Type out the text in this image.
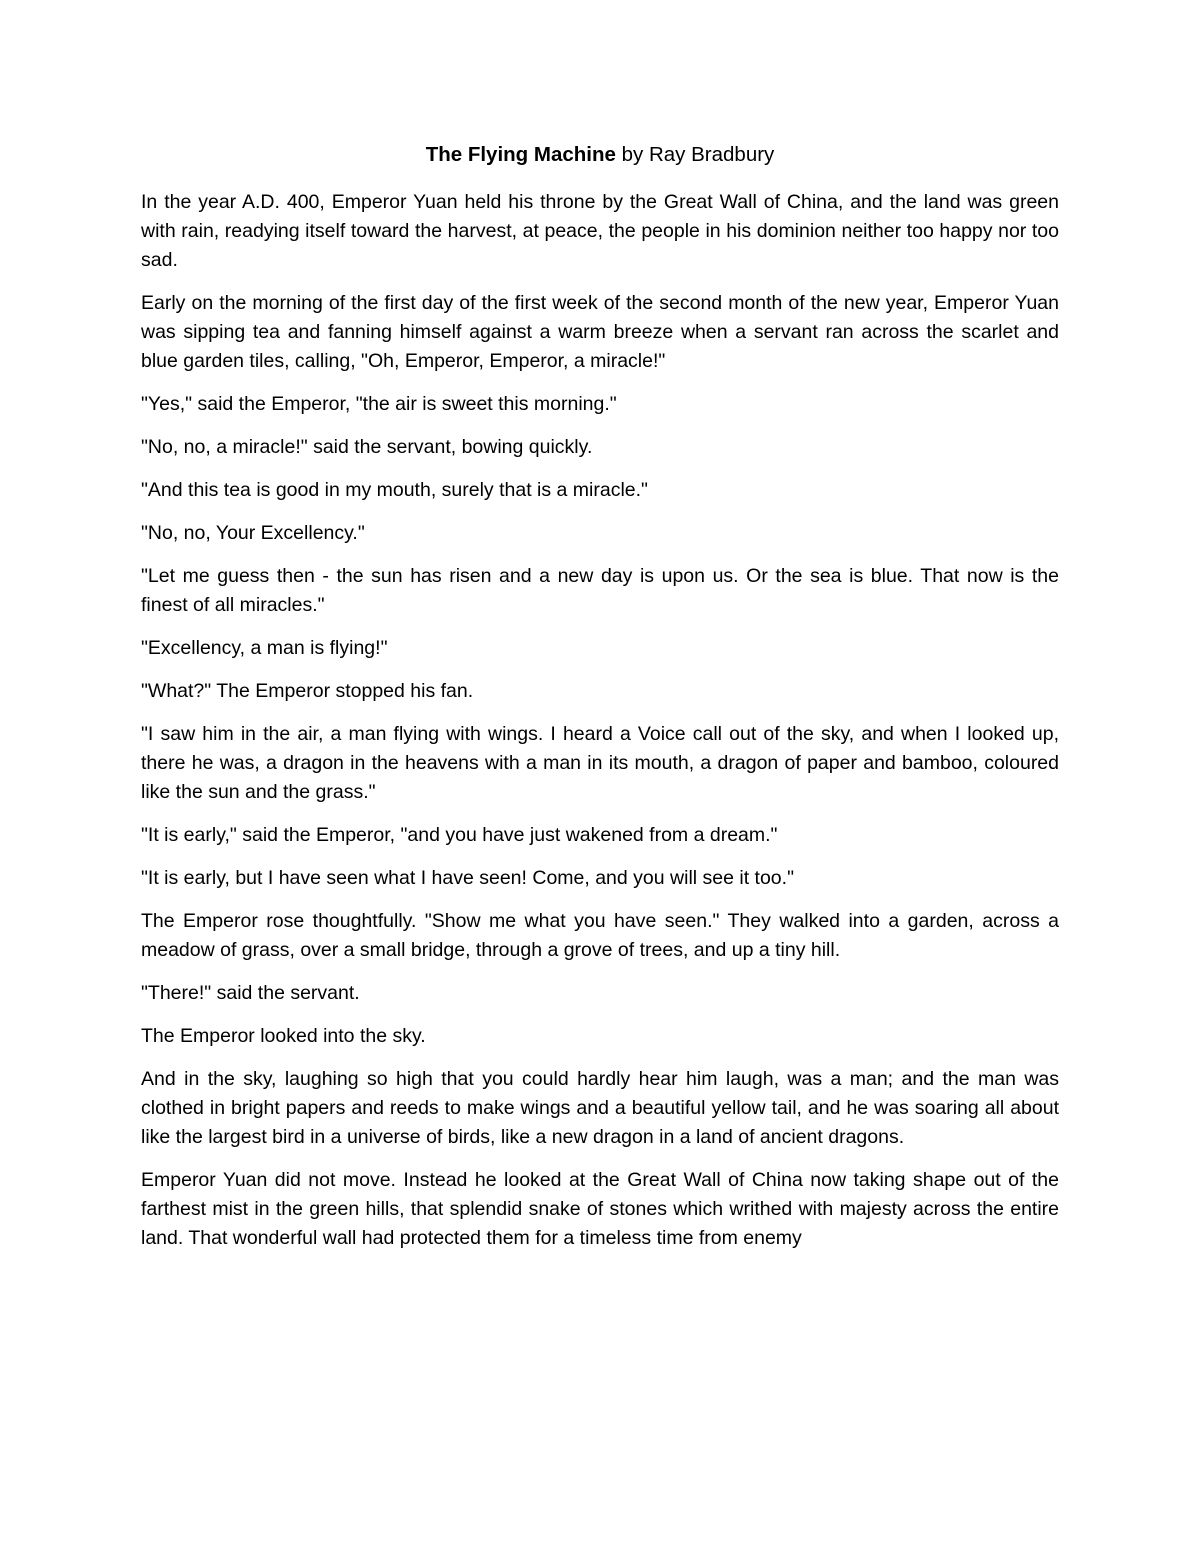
The Flying Machine by Ray Bradbury

In the year A.D. 400, Emperor Yuan held his throne by the Great Wall of China, and the land was green with rain, readying itself toward the harvest, at peace, the people in his dominion neither too happy nor too sad.

Early on the morning of the first day of the first week of the second month of the new year, Emperor Yuan was sipping tea and fanning himself against a warm breeze when a servant ran across the scarlet and blue garden tiles, calling, "Oh, Emperor, Emperor, a miracle!"

"Yes," said the Emperor, "the air is sweet this morning."

"No, no, a miracle!" said the servant, bowing quickly.

"And this tea is good in my mouth, surely that is a miracle."

"No, no, Your Excellency."

"Let me guess then - the sun has risen and a new day is upon us. Or the sea is blue. That now is the finest of all miracles."

"Excellency, a man is flying!"

"What?" The Emperor stopped his fan.

"I saw him in the air, a man flying with wings. I heard a Voice call out of the sky, and when I looked up, there he was, a dragon in the heavens with a man in its mouth, a dragon of paper and bamboo, coloured like the sun and the grass."

"It is early," said the Emperor, "and you have just wakened from a dream."

"It is early, but I have seen what I have seen! Come, and you will see it too."

The Emperor rose thoughtfully. "Show me what you have seen." They walked into a garden, across a meadow of grass, over a small bridge, through a grove of trees, and up a tiny hill.

"There!" said the servant.

The Emperor looked into the sky.

And in the sky, laughing so high that you could hardly hear him laugh, was a man; and the man was clothed in bright papers and reeds to make wings and a beautiful yellow tail, and he was soaring all about like the largest bird in a universe of birds, like a new dragon in a land of ancient dragons.

Emperor Yuan did not move. Instead he looked at the Great Wall of China now taking shape out of the farthest mist in the green hills, that splendid snake of stones which writhed with majesty across the entire land. That wonderful wall had protected them for a timeless time from enemy
